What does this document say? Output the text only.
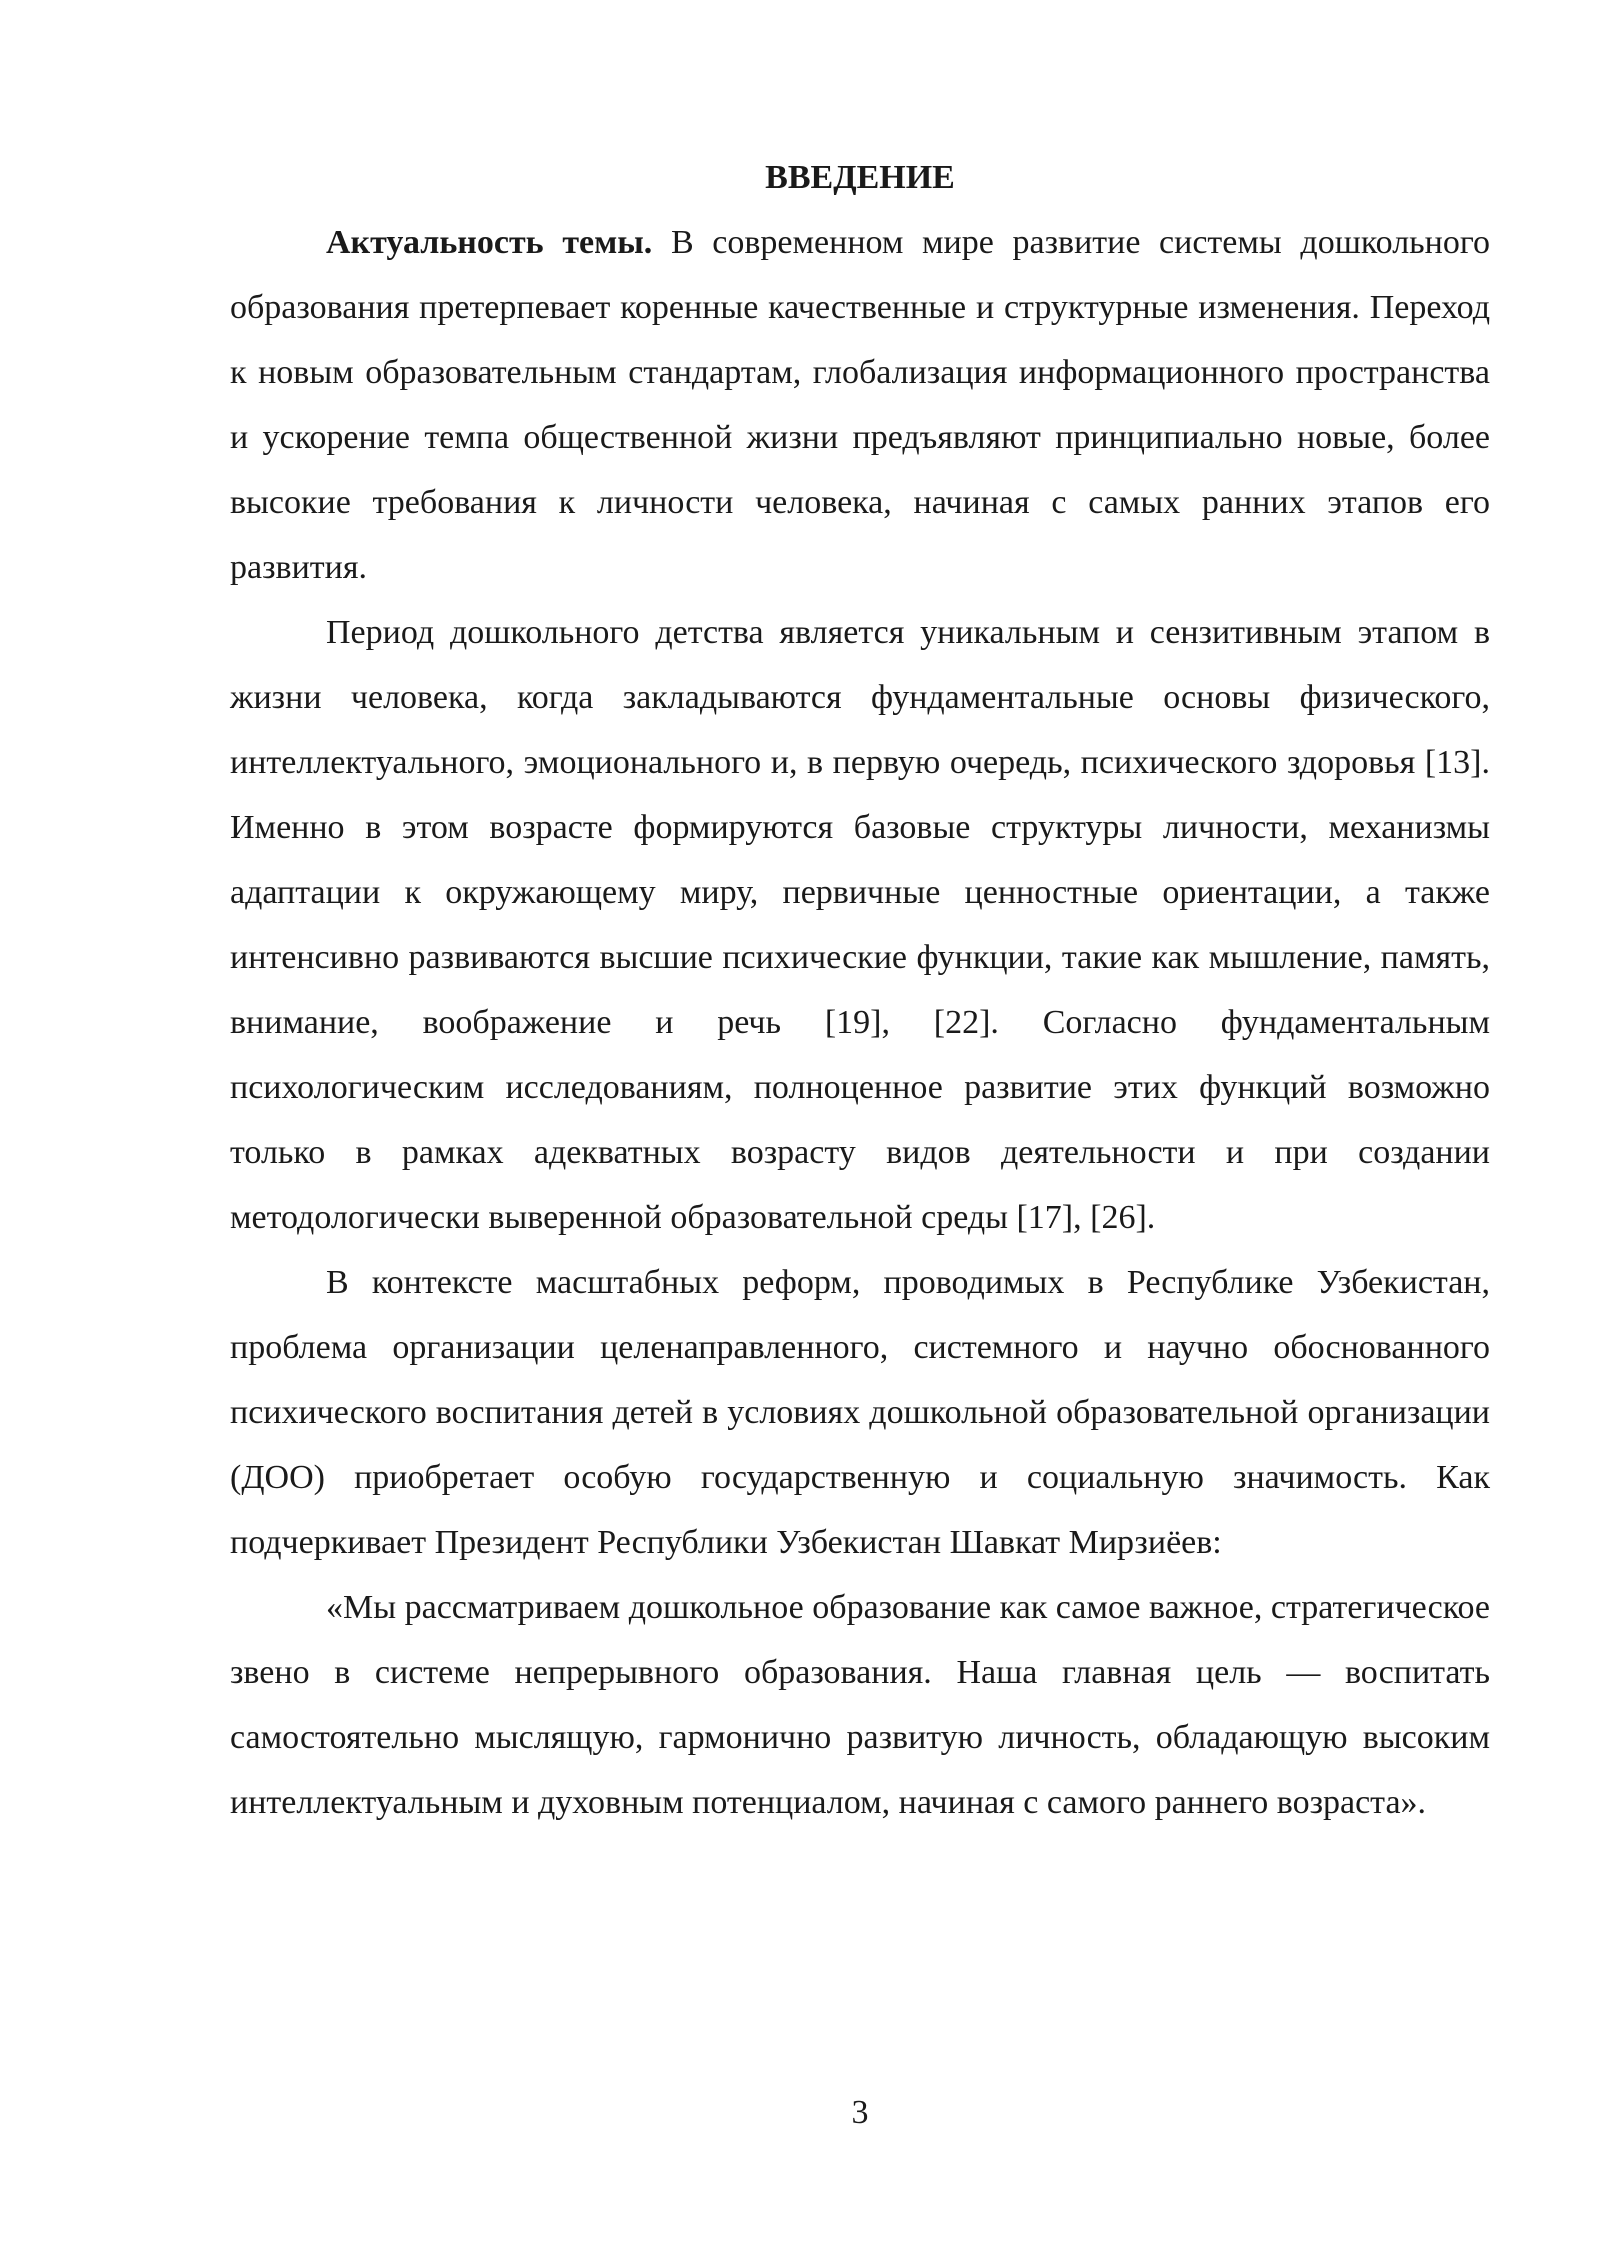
ВВЕДЕНИЕ

Актуальность темы. В современном мире развитие системы дошкольного образования претерпевает коренные качественные и структурные изменения. Переход к новым образовательным стандартам, глобализация информационного пространства и ускорение темпа общественной жизни предъявляют принципиально новые, более высокие требования к личности человека, начиная с самых ранних этапов его развития.

Период дошкольного детства является уникальным и сензитивным этапом в жизни человека, когда закладываются фундаментальные основы физического, интеллектуального, эмоционального и, в первую очередь, психического здоровья [13]. Именно в этом возрасте формируются базовые структуры личности, механизмы адаптации к окружающему миру, первичные ценностные ориентации, а также интенсивно развиваются высшие психические функции, такие как мышление, память, внимание, воображение и речь [19], [22]. Согласно фундаментальным психологическим исследованиям, полноценное развитие этих функций возможно только в рамках адекватных возрасту видов деятельности и при создании методологически выверенной образовательной среды [17], [26].

В контексте масштабных реформ, проводимых в Республике Узбекистан, проблема организации целенаправленного, системного и научно обоснованного психического воспитания детей в условиях дошкольной образовательной организации (ДОО) приобретает особую государственную и социальную значимость. Как подчеркивает Президент Республики Узбекистан Шавкат Мирзиёев:

«Мы рассматриваем дошкольное образование как самое важное, стратегическое звено в системе непрерывного образования. Наша главная цель — воспитать самостоятельно мыслящую, гармонично развитую личность, обладающую высоким интеллектуальным и духовным потенциалом, начиная с самого раннего возраста».

3
